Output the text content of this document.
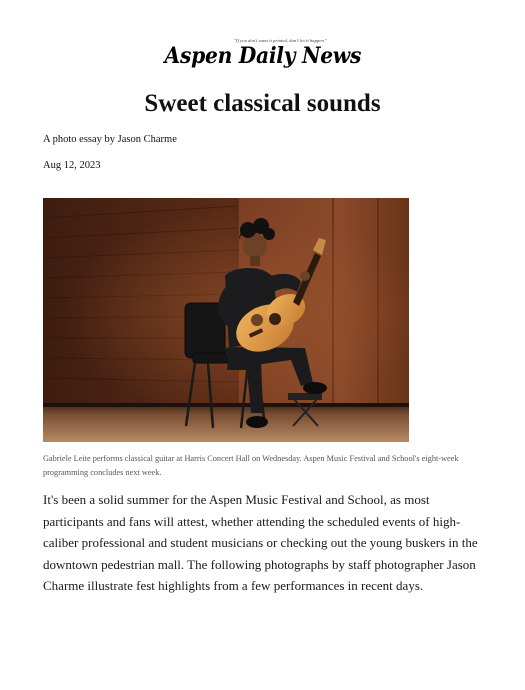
"If you don't want it printed, don't let it happen."
Aspen Daily News
Sweet classical sounds
A photo essay by Jason Charme
Aug 12, 2023
Gabriele Leite performs classical guitar at Harris Concert Hall on Wednesday. Aspen Music Festival and School's eight-week programming concludes next week.

It's been a solid summer for the Aspen Music Festival and School, as most participants and fans will attest, whether attending the scheduled events of high-caliber professional and student musicians or checking out the young buskers in the downtown pedestrian mall. The following photographs by staff photographer Jason Charme illustrate fest highlights from a few performances in recent days.
